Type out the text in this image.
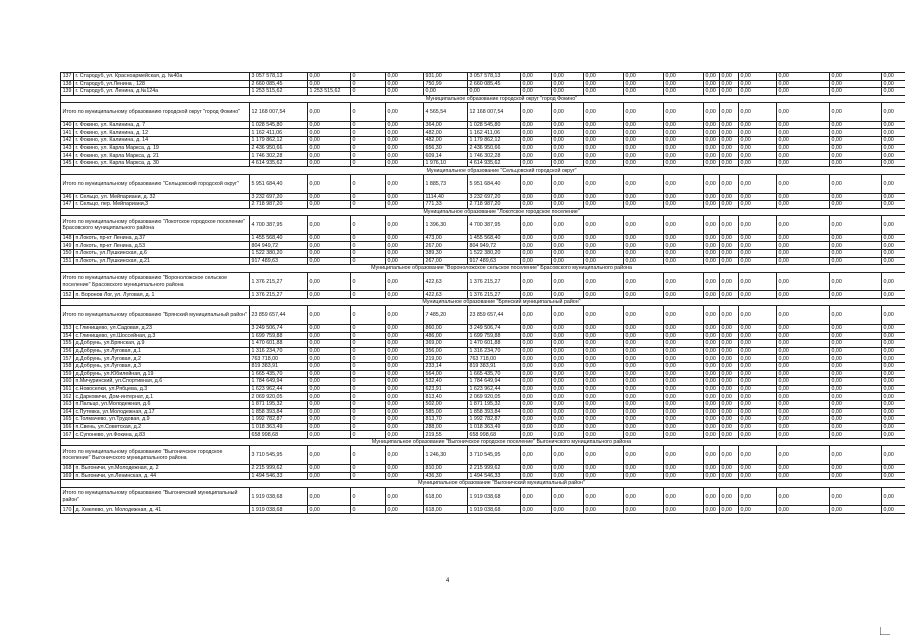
137	г. Стародуб, ул. Красноармейская, д. №40а	3 057 578,13	0,00	0	0,00	931,00	3 057 578,13	0,00	0,00	0,00	0,00	0,00	0,00	0,00	0,00	0,00	0,00	0,00
138	г. Стародуб, ул.Ленина , 128	2 660 085,45	0,00	0	0,00	750,99	2 660 085,45	0,00	0,00	0,00	0,00	0,00	0,00	0,00	0,00	0,00	0,00	0,00
139	г. Стародуб, ул. Ленина, д.№124а	1 253 515,62	1 253 515,62	0	0,00	0,00	0,00	0,00	0,00	0,00	0,00	0,00	0,00	0,00	0,00	0,00	0,00	0,00
Муниципальное образование городской округ "город Фокино"																		
Итого по муниципальному образованию городской округ "город Фокино"		12 168 007,54	0,00	0	0,00	4 565,54	12 168 007,54	0,00	0,00	0,00	0,00	0,00	0,00	0,00	0,00	0,00	0,00	0,00
140	г. Фокино, ул. Калинина, д. 7	1 028 545,80	0,00	0	0,00	364,00	1 028 545,80	0,00	0,00	0,00	0,00	0,00	0,00	0,00	0,00	0,00	0,00	0,00
141	г. Фокино, ул. Калинина, д. 12	1 162 411,06	0,00	0	0,00	482,00	1 162 411,06	0,00	0,00	0,00	0,00	0,00	0,00	0,00	0,00	0,00	0,00	0,00
142	г. Фокино, ул. Калинина, д. 14	1 179 862,12	0,00	0	0,00	482,00	1 179 862,12	0,00	0,00	0,00	0,00	0,00	0,00	0,00	0,00	0,00	0,00	0,00
143	г. Фокино, ул. Карла Маркса, д. 19	2 436 950,66	0,00	0	0,00	656,30	2 436 950,66	0,00	0,00	0,00	0,00	0,00	0,00	0,00	0,00	0,00	0,00	0,00
144	г. Фокино, ул. Карла Маркса, д. 21	1 746 302,28	0,00	0	0,00	609,14	1 746 302,28	0,00	0,00	0,00	0,00	0,00	0,00	0,00	0,00	0,00	0,00	0,00
145	г. Фокино, ул. Карла Маркса, д. 30	4 614 935,62	0,00	0	0,00	1 976,10	4 614 935,62	0,00	0,00	0,00	0,00	0,00	0,00	0,00	0,00	0,00	0,00	0,00
Муниципальное образование "Сельцовский городской округ"																		
Итого по муниципальному образованию "Сельцовский городской округ"		5 951 684,40	0,00	0	0,00	1 885,73	5 951 684,40	0,00	0,00	0,00	0,00	0,00	0,00	0,00	0,00	0,00	0,00	0,00
146	г. Сельцо, ул. Мейпариани, д. 32	3 232 697,20	0,00	0	0,00	1114,40	3 232 697,20	0,00	0,00	0,00	0,00	0,00	0,00	0,00	0,00	0,00	0,00	0,00
147	г. Сельцо, пер. Мейпариани,3	2 718 987,20	0,00	0	0,00	771,33	2 718 987,20	0,00	0,00	0,00	0,00	0,00	0,00	0,00	0,00	0,00	0,00	0,00
Муниципальное образование "Локотское городское поселение"																		
Итого по муниципальному образованию "Локотское городское поселение" Брасовского муниципального района		4 700 387,95	0,00	0	0,00	1 396,30	4 700 387,95	0,00	0,00	0,00	0,00	0,00	0,00	0,00	0,00	0,00	0,00	0,00
148	п.Локоть, пр-кт Ленина, д.37	1 455 568,40	0,00	0	0,00	473,00	1 455 568,40	0,00	0,00	0,00	0,00	0,00	0,00	0,00	0,00	0,00	0,00	0,00
149	п.Локоть, пр-кт Ленина, д.53	804 949,72	0,00	0	0,00	267,00	804 949,72	0,00	0,00	0,00	0,00	0,00	0,00	0,00	0,00	0,00	0,00	0,00
150	п.Локоть, ул.Пушкинская, д.6	1 522 380,20	0,00	0	0,00	389,30	1 522 380,20	0,00	0,00	0,00	0,00	0,00	0,00	0,00	0,00	0,00	0,00	0,00
151	п.Локоть, ул.Пушкинская, д.21	917 489,63	0,00	0	0,00	267,00	917 489,63	0,00	0,00	0,00	0,00	0,00	0,00	0,00	0,00	0,00	0,00	0,00
Муниципальное образование "Вороноложское сельское поселение" Брасовского муниципального района																		
Итого по муниципальному образованию "Вороноложское сельское поселение" Брасовского муниципального района		1 376 215,27	0,00	0	0,00	422,63	1 376 215,27	0,00	0,00	0,00	0,00	0,00	0,00	0,00	0,00	0,00	0,00	0,00
152	п. Воронов Лог, ул. Луговая, д. 1	1 376 215,27	0,00	0	0,00	422,63	1 376 215,27	0,00	0,00	0,00	0,00	0,00	0,00	0,00	0,00	0,00	0,00	0,00
Муниципальное образование "Брянский муниципальный район"																		
Итого по муниципальному образованию "Брянский муниципальный район"		23 859 657,44	0,00	0	0,00	7 485,20	23 859 657,44	0,00	0,00	0,00	0,00	0,00	0,00	0,00	0,00	0,00	0,00	0,00
153	с.Глинищево, ул.Садовая, д.23	3 249 506,74	0,00	0	0,00	860,00	3 249 506,74	0,00	0,00	0,00	0,00	0,00	0,00	0,00	0,00	0,00	0,00	0,00
154	с.Глинищево, ул.Шоссейная, д.3	1 699 759,88	0,00	0	0,00	486,00	1 699 759,88	0,00	0,00	0,00	0,00	0,00	0,00	0,00	0,00	0,00	0,00	0,00
155	д.Добрунь, ул.Брянская, д.9	1 470 601,88	0,00	0	0,00	369,00	1 470 601,88	0,00	0,00	0,00	0,00	0,00	0,00	0,00	0,00	0,00	0,00	0,00
156	д.Добрунь, ул.Луговая, д.1	1 316 234,70	0,00	0	0,00	356,00	1 316 234,70	0,00	0,00	0,00	0,00	0,00	0,00	0,00	0,00	0,00	0,00	0,00
157	д.Добрунь, ул.Луговая, д.2	763 718,00	0,00	0	0,00	219,00	763 718,00	0,00	0,00	0,00	0,00	0,00	0,00	0,00	0,00	0,00	0,00	0,00
158	д.Добрунь, ул.Луговая, д.3	819 383,91	0,00	0	0,00	233,14	819 383,91	0,00	0,00	0,00	0,00	0,00	0,00	0,00	0,00	0,00	0,00	0,00
159	д.Добрунь, ул.Юбилейная, д.19	1 665 435,70	0,00	0	0,00	564,00	1 665 435,70	0,00	0,00	0,00	0,00	0,00	0,00	0,00	0,00	0,00	0,00	0,00
160	п.Мичуринский, ул.Спортивная, д.6	1 784 649,94	0,00	0	0,00	532,40	1 784 649,94	0,00	0,00	0,00	0,00	0,00	0,00	0,00	0,00	0,00	0,00	0,00
161	с.Новоселки, ул.Рябцева, д.3	1 623 962,44	0,00	0	0,00	623,91	1 623 962,44	0,00	0,00	0,00	0,00	0,00	0,00	0,00	0,00	0,00	0,00	0,00
162	с.Дарковичи, Дом-интернат, д.1	2 069 920,05	0,00	0	0,00	813,40	2 069 920,05	0,00	0,00	0,00	0,00	0,00	0,00	0,00	0,00	0,00	0,00	0,00
163	п.Пальцо, ул.Молодежная, д.6	1 871 195,32	0,00	0	0,00	502,00	1 871 195,32	0,00	0,00	0,00	0,00	0,00	0,00	0,00	0,00	0,00	0,00	0,00
164	с.Путевка, ул.Молодежная, д.17	1 858 393,84	0,00	0	0,00	585,00	1 858 393,84	0,00	0,00	0,00	0,00	0,00	0,00	0,00	0,00	0,00	0,00	0,00
165	с.Толмачево, ул.Трудовая, д.9	1 992 782,87	0,00	0	0,00	813,70	1 992 782,87	0,00	0,00	0,00	0,00	0,00	0,00	0,00	0,00	0,00	0,00	0,00
166	п.Свень, ул.Советская, д.2	1 018 363,49	0,00	0	0,00	288,00	1 018 363,49	0,00	0,00	0,00	0,00	0,00	0,00	0,00	0,00	0,00	0,00	0,00
167	с.Супонево, ул.Фокина, д.83	658 998,68	0,00	0	0,00	219,55	658 998,68	0,00	0,00	0,00	0,00	0,00	0,00	0,00	0,00	0,00	0,00	0,00
Муниципальное образование "Выгоничское городское поселение" Выгоничского муниципального района																		
Итого по муниципальному образованию "Выгоничское городское поселение" Выгоничского муниципального района		3 710 545,95	0,00	0	0,00	1 246,30	3 710 545,95	0,00	0,00	0,00	0,00	0,00	0,00	0,00	0,00	0,00	0,00	0,00
168	п. Выгоничи, ул.Молодежная, д. 2	2 215 999,62	0,00	0	0,00	810,00	2 215 999,62	0,00	0,00	0,00	0,00	0,00	0,00	0,00	0,00	0,00	0,00	0,00
169	п. Выгоничи, ул.Ленинская, д. 44	1 494 546,33	0,00	0	0,00	436,30	1 494 546,33	0,00	0,00	0,00	0,00	0,00	0,00	0,00	0,00	0,00	0,00	0,00
Муниципальное образование "Выгоничский муниципальный район"																		
Итого по муниципальному образованию "Выгоничский муниципальный район"		1 919 038,68	0,00	0	0,00	618,00	1 919 038,68	0,00	0,00	0,00	0,00	0,00	0,00	0,00	0,00	0,00	0,00	0,00
170	д. Хмелево, ул. Молодежная, д. 41	1 919 038,68	0,00	0	0,00	618,00	1 919 038,68	0,00	0,00	0,00	0,00	0,00	0,00	0,00	0,00	0,00	0,00	0,00
4
